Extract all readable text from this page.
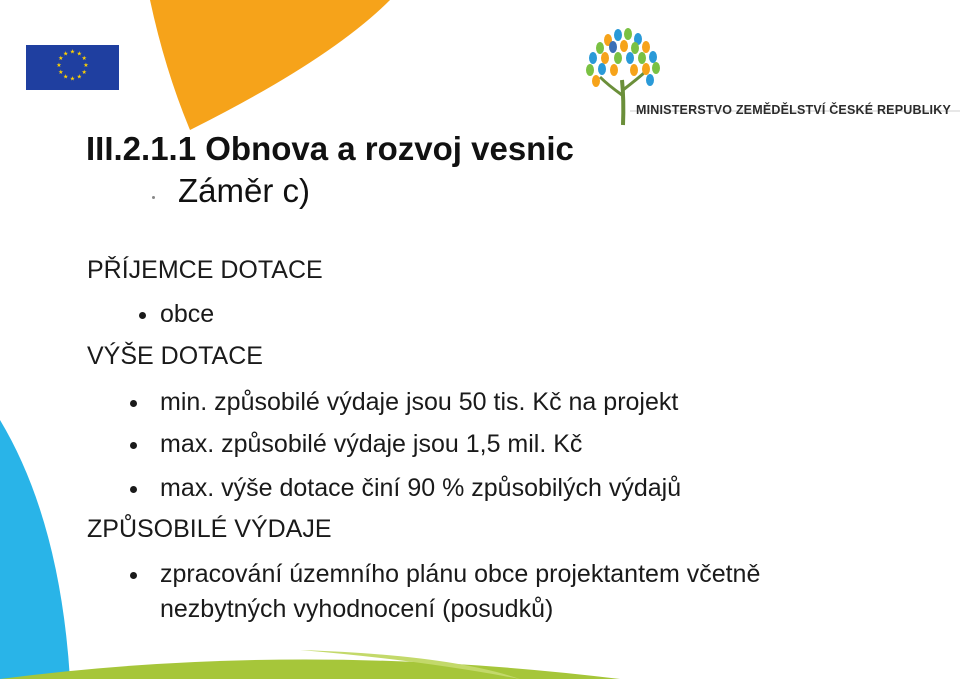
★ ★
★
★
★
★
★
★
★
★
★
★
MINISTERSTVO ZEMĚDĚLSTVÍ ČESKÉ REPUBLIKY
III.2.1.1 Obnova a rozvoj vesnic
Záměr c)
PŘÍJEMCE DOTACE
obce
VÝŠE DOTACE
min. způsobilé výdaje jsou 50 tis. Kč na projekt
max. způsobilé výdaje jsou 1,5 mil. Kč
max. výše dotace činí 90 % způsobilých výdajů
ZPŮSOBILÉ VÝDAJE
zpracování územního plánu obce projektantem včetně
nezbytných vyhodnocení (posudků)
